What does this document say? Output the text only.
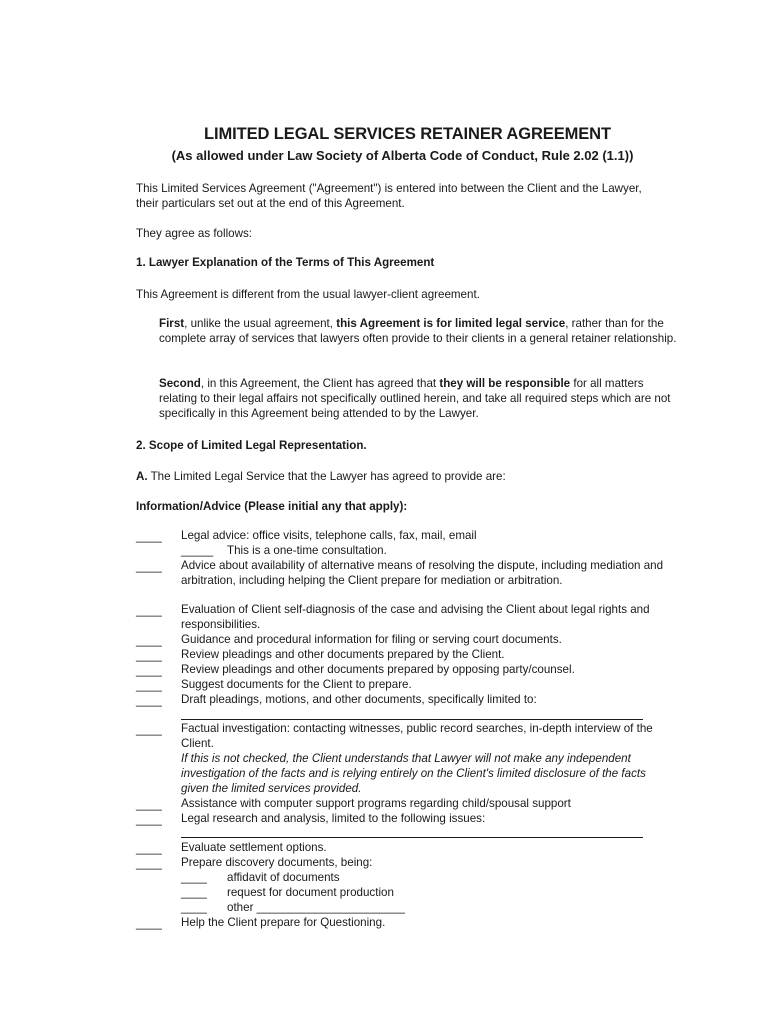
LIMITED LEGAL SERVICES RETAINER AGREEMENT
(As allowed under Law Society of Alberta Code of Conduct, Rule 2.02 (1.1))
This Limited Services Agreement ("Agreement") is entered into between the Client and the Lawyer, their particulars set out at the end of this Agreement.
They agree as follows:
1. Lawyer Explanation of the Terms of This Agreement
This Agreement is different from the usual lawyer-client agreement.
First, unlike the usual agreement, this Agreement is for limited legal service, rather than for the complete array of services that lawyers often provide to their clients in a general retainer relationship.
Second, in this Agreement, the Client has agreed that they will be responsible for all matters relating to their legal affairs not specifically outlined herein, and take all required steps which are not specifically in this Agreement being attended to by the Lawyer.
2. Scope of Limited Legal Representation.
A. The Limited Legal Service that the Lawyer has agreed to provide are:
Information/Advice (Please initial any that apply):
____ Legal advice: office visits, telephone calls, fax, mail, email
_____ This is a one-time consultation.
____ Advice about availability of alternative means of resolving the dispute, including mediation and arbitration, including helping the Client prepare for mediation or arbitration.
____ Evaluation of Client self-diagnosis of the case and advising the Client about legal rights and responsibilities.
____ Guidance and procedural information for filing or serving court documents.
____ Review pleadings and other documents prepared by the Client.
____ Review pleadings and other documents prepared by opposing party/counsel.
____ Suggest documents for the Client to prepare.
____ Draft pleadings, motions, and other documents, specifically limited to:
____ Factual investigation: contacting witnesses, public record searches, in-depth interview of the Client.
If this is not checked, the Client understands that Lawyer will not make any independent investigation of the facts and is relying entirely on the Client's limited disclosure of the facts given the limited services provided.
____ Assistance with computer support programs regarding child/spousal support
____ Legal research and analysis, limited to the following issues:
____ Evaluate settlement options.
____ Prepare discovery documents, being:
____ affidavit of documents
____ request for document production
____ other _______________________
____ Help the Client prepare for Questioning.
